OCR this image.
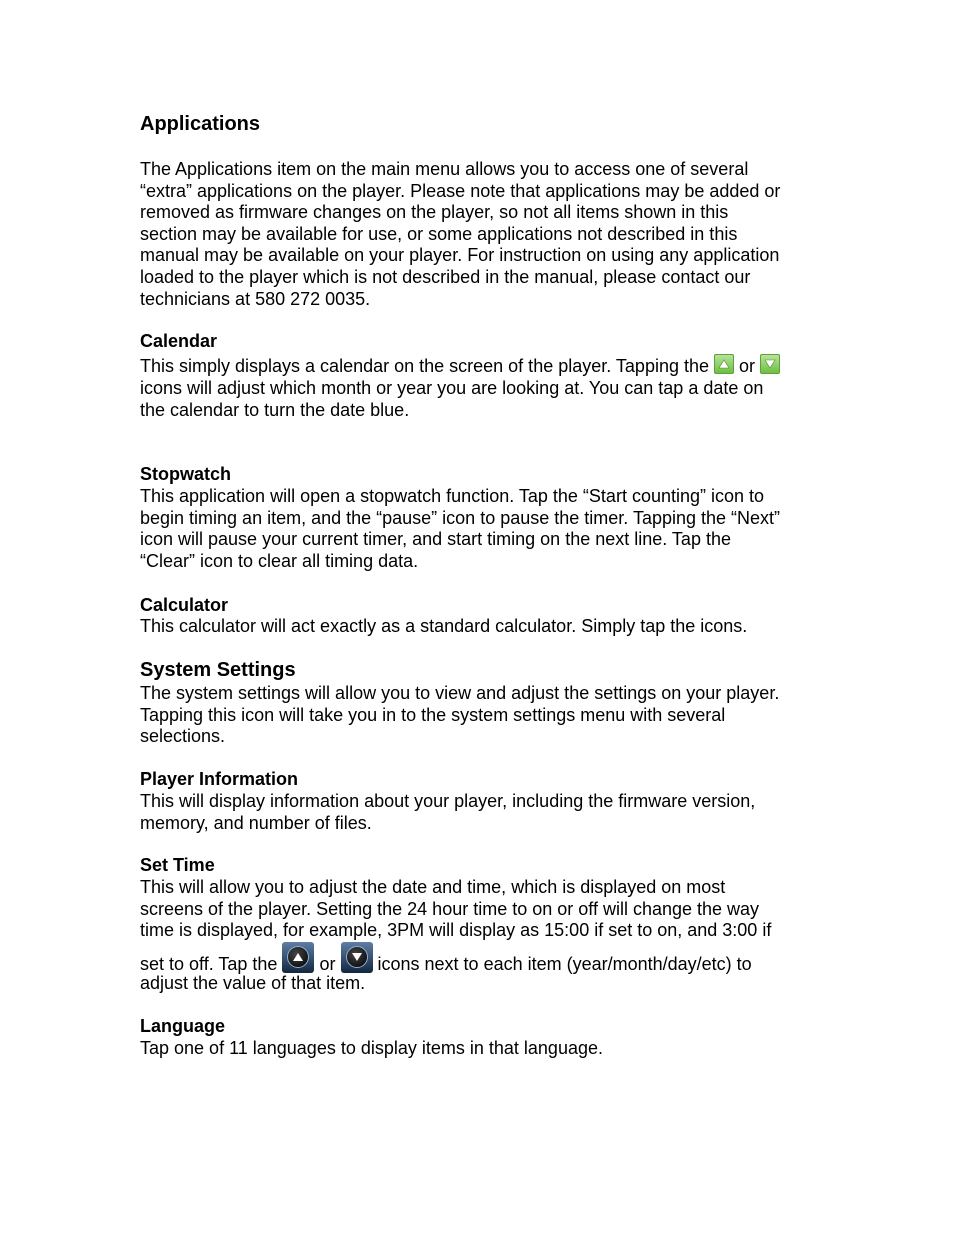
Applications
The Applications item on the main menu allows you to access one of several
“extra” applications on the player. Please note that applications may be added or
removed as firmware changes on the player, so not all items shown in this
section may be available for use, or some applications not described in this
manual may be available on your player. For instruction on using any application
loaded to the player which is not described in the manual, please contact our
technicians at 580 272 0035.
Calendar
This simply displays a calendar on the screen of the player. Tapping the or
icons will adjust which month or year you are looking at. You can tap a date on
the calendar to turn the date blue.
Stopwatch
This application will open a stopwatch function. Tap the “Start counting” icon to
begin timing an item, and the “pause” icon to pause the timer. Tapping the “Next”
icon will pause your current timer, and start timing on the next line. Tap the
“Clear” icon to clear all timing data.
Calculator
This calculator will act exactly as a standard calculator. Simply tap the icons.
System Settings
The system settings will allow you to view and adjust the settings on your player.
Tapping this icon will take you in to the system settings menu with several
selections.
Player Information
This will display information about your player, including the firmware version,
memory, and number of files.
Set Time
This will allow you to adjust the date and time, which is displayed on most
screens of the player. Setting the 24 hour time to on or off will change the way
time is displayed, for example, 3PM will display as 15:00 if set to on, and 3:00 if
set to off. Tap the or icons next to each item (year/month/day/etc) to
adjust the value of that item.
Language
Tap one of 11 languages to display items in that language.
